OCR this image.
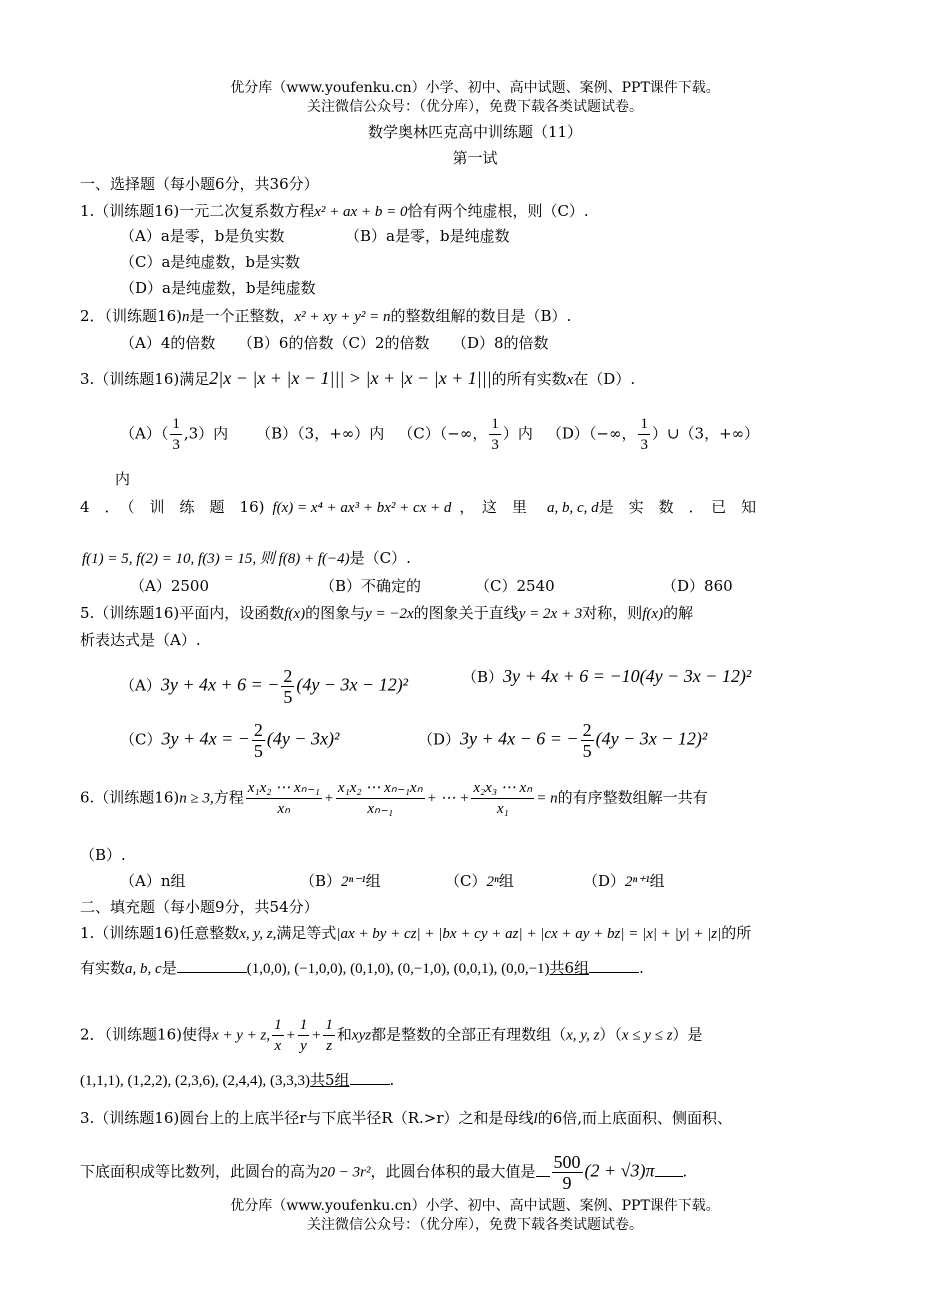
优分库（www.youfenku.cn）小学、初中、高中试题、案例、PPT课件下载。
关注微信公众号：（优分库），免费下载各类试题试卷。
数学奥林匹克高中训练题（11）
第一试
一、选择题（每小题6分，共36分）
1.（训练题16)一元二次复系数方程x² + ax + b = 0恰有两个纯虚根，则（C）.
（A）a是零，b是负实数	（B）a是零，b是纯虚数
（C）a是纯虚数，b是实数
（D）a是纯虚数，b是纯虚数
2．（训练题16)n是一个正整数，x² + xy + y² = n的整数组解的数目是（B）.
（A）4的倍数　　（B）6的倍数（C）2的倍数　　（D）8的倍数
3.（训练题16)满足2|x − |x + |x − 1||| > |x + |x − |x + 1|||的所有实数x在（D）.
$(A)( \frac{1}{3} ,3)$内 （B）（3，+∞）内 （C）（−∞， $\frac{1}{3}$ ）内 （D）（−∞， $\frac{1}{3}$ ）∪（3，+∞）
内
4　．　（　训　练　题　16) f(x) = x⁴ + ax³ + bx² + cx + d ，　这　里 a, b, c, d是　实　数　．　已　知
f(1) = 5, f(2) = 10, f(3) = 15, 则 f(8) + f(−4)是（C）.
（A）2500	（B）不确定的	（C）2540	（D）860
5.（训练题16)平面内，设函数f(x)的图象与y = −2x的图象关于直线y = 2x + 3对称，则f(x)的解
析表达式是（A）.
（A）3y + 4x + 6 = − $\frac{2}{5} (4y - 3x - 12)^2$	（B）3y + 4x + 6 = −10(4y − 3x − 12)²
（C）3y + 4x = − $\frac{2}{5} (4y - 3x)^2$	（D）3y + 4x − 6 = − $\frac{2}{5} (4y - 3x - 12)^2$
6.（训练题16)n ≥ 3,方程 $\frac{\text{x₁x₂ ⋯ xₙ₋₁}}{\text{xₙ}} + \frac{\text{x₁x₂ ⋯ xₙ₋₁xₙ}}{\text{xₙ₋₁}}$ + ⋯ + $\frac{\text{x₂x₃ ⋯ xₙ}}{\text{x₁}} = n$的有序整数组解一共有
（B）.
（A）n组	（B）2ⁿ⁻¹组	（C）2ⁿ组	（D）2ⁿ⁺¹组
二、填充题（每小题9分，共54分）
1.（训练题16)任意整数x, y, z,满足等式|ax + by + cz| + |bx + cy + az| + |cx + ay + bz| = |x| + |y| + |z|的所
有实数a, b, c是	(1,0,0), (−1,0,0), (0,1,0), (0,−1,0), (0,0,1), (0,0,−1)共6组	.
2．（训练题16)使得x + y + z, $\frac{1}{x} + \frac{1}{y} + \frac{1}{z}$ 和xyz都是整数的全部正有理数组（x, y, z）（x ≤ y ≤ z）是
(1,1,1), (1,2,2), (2,3,6), (2,4,4), (3,3,3)共5组	.
3.（训练题16)圆台上的上底半径r与下底半径R（R.>r）之和是母线l的6倍,而上底面积、侧面积、
下底面积成等比数列，此圆台的高为20 − 3r²，此圆台体积的最大值是 $\frac{500}{9} (2 + √3)\pi$ .
优分库（www.youfenku.cn）小学、初中、高中试题、案例、PPT课件下载。
关注微信公众号：（优分库），免费下载各类试题试卷。
